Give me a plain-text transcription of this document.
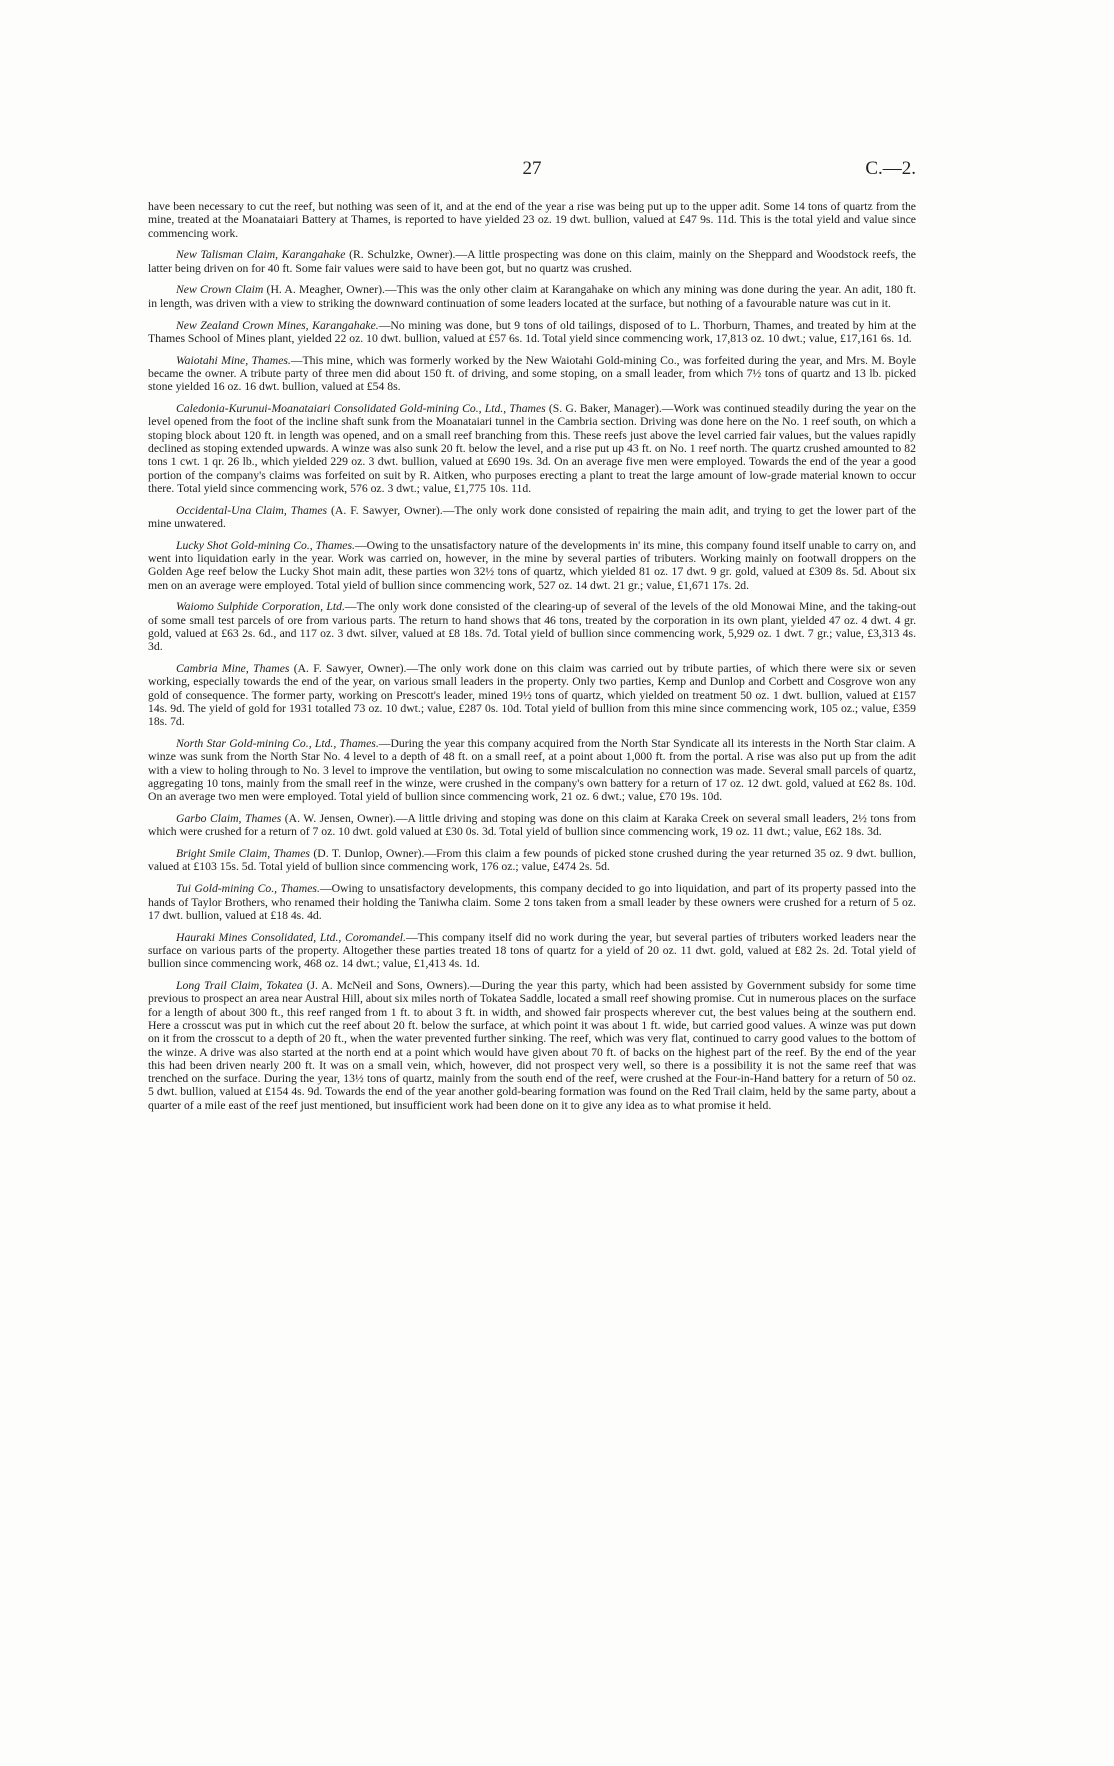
27	C.—2.

have been necessary to cut the reef, but nothing was seen of it, and at the end of the year a rise was being put up to the upper adit. Some 14 tons of quartz from the mine, treated at the Moanataiari Battery at Thames, is reported to have yielded 23 oz. 19 dwt. bullion, valued at £47 9s. 11d. This is the total yield and value since commencing work.

New Talisman Claim, Karangahake (R. Schulzke, Owner).—A little prospecting was done on this claim, mainly on the Sheppard and Woodstock reefs, the latter being driven on for 40 ft. Some fair values were said to have been got, but no quartz was crushed.

New Crown Claim (H. A. Meagher, Owner).—This was the only other claim at Karangahake on which any mining was done during the year. An adit, 180 ft. in length, was driven with a view to striking the downward continuation of some leaders located at the surface, but nothing of a favourable nature was cut in it.

New Zealand Crown Mines, Karangahake.—No mining was done, but 9 tons of old tailings, disposed of to L. Thorburn, Thames, and treated by him at the Thames School of Mines plant, yielded 22 oz. 10 dwt. bullion, valued at £57 6s. 1d. Total yield since commencing work, 17,813 oz. 10 dwt.; value, £17,161 6s. 1d.

Waiotahi Mine, Thames.—This mine, which was formerly worked by the New Waiotahi Gold-mining Co., was forfeited during the year, and Mrs. M. Boyle became the owner. A tribute party of three men did about 150 ft. of driving, and some stoping, on a small leader, from which 7½ tons of quartz and 13 lb. picked stone yielded 16 oz. 16 dwt. bullion, valued at £54 8s.

Caledonia-Kurunui-Moanataiari Consolidated Gold-mining Co., Ltd., Thames (S. G. Baker, Manager).—Work was continued steadily during the year on the level opened from the foot of the incline shaft sunk from the Moanataiari tunnel in the Cambria section. Driving was done here on the No. 1 reef south, on which a stoping block about 120 ft. in length was opened, and on a small reef branching from this. These reefs just above the level carried fair values, but the values rapidly declined as stoping extended upwards. A winze was also sunk 20 ft. below the level, and a rise put up 43 ft. on No. 1 reef north. The quartz crushed amounted to 82 tons 1 cwt. 1 qr. 26 lb., which yielded 229 oz. 3 dwt. bullion, valued at £690 19s. 3d. On an average five men were employed. Towards the end of the year a good portion of the company's claims was forfeited on suit by R. Aitken, who purposes erecting a plant to treat the large amount of low-grade material known to occur there. Total yield since commencing work, 576 oz. 3 dwt.; value, £1,775 10s. 11d.

Occidental-Una Claim, Thames (A. F. Sawyer, Owner).—The only work done consisted of repairing the main adit, and trying to get the lower part of the mine unwatered.

Lucky Shot Gold-mining Co., Thames.—Owing to the unsatisfactory nature of the developments in' its mine, this company found itself unable to carry on, and went into liquidation early in the year. Work was carried on, however, in the mine by several parties of tributers. Working mainly on footwall droppers on the Golden Age reef below the Lucky Shot main adit, these parties won 32½ tons of quartz, which yielded 81 oz. 17 dwt. 9 gr. gold, valued at £309 8s. 5d. About six men on an average were employed. Total yield of bullion since commencing work, 527 oz. 14 dwt. 21 gr.; value, £1,671 17s. 2d.

Waiomo Sulphide Corporation, Ltd.—The only work done consisted of the clearing-up of several of the levels of the old Monowai Mine, and the taking-out of some small test parcels of ore from various parts. The return to hand shows that 46 tons, treated by the corporation in its own plant, yielded 47 oz. 4 dwt. 4 gr. gold, valued at £63 2s. 6d., and 117 oz. 3 dwt. silver, valued at £8 18s. 7d. Total yield of bullion since commencing work, 5,929 oz. 1 dwt. 7 gr.; value, £3,313 4s. 3d.

Cambria Mine, Thames (A. F. Sawyer, Owner).—The only work done on this claim was carried out by tribute parties, of which there were six or seven working, especially towards the end of the year, on various small leaders in the property. Only two parties, Kemp and Dunlop and Corbett and Cosgrove won any gold of consequence. The former party, working on Prescott's leader, mined 19½ tons of quartz, which yielded on treatment 50 oz. 1 dwt. bullion, valued at £157 14s. 9d. The yield of gold for 1931 totalled 73 oz. 10 dwt.; value, £287 0s. 10d. Total yield of bullion from this mine since commencing work, 105 oz.; value, £359 18s. 7d.

North Star Gold-mining Co., Ltd., Thames.—During the year this company acquired from the North Star Syndicate all its interests in the North Star claim. A winze was sunk from the North Star No. 4 level to a depth of 48 ft. on a small reef, at a point about 1,000 ft. from the portal. A rise was also put up from the adit with a view to holing through to No. 3 level to improve the ventilation, but owing to some miscalculation no connection was made. Several small parcels of quartz, aggregating 10 tons, mainly from the small reef in the winze, were crushed in the company's own battery for a return of 17 oz. 12 dwt. gold, valued at £62 8s. 10d. On an average two men were employed. Total yield of bullion since commencing work, 21 oz. 6 dwt.; value, £70 19s. 10d.

Garbo Claim, Thames (A. W. Jensen, Owner).—A little driving and stoping was done on this claim at Karaka Creek on several small leaders, 2½ tons from which were crushed for a return of 7 oz. 10 dwt. gold valued at £30 0s. 3d. Total yield of bullion since commencing work, 19 oz. 11 dwt.; value, £62 18s. 3d.

Bright Smile Claim, Thames (D. T. Dunlop, Owner).—From this claim a few pounds of picked stone crushed during the year returned 35 oz. 9 dwt. bullion, valued at £103 15s. 5d. Total yield of bullion since commencing work, 176 oz.; value, £474 2s. 5d.

Tui Gold-mining Co., Thames.—Owing to unsatisfactory developments, this company decided to go into liquidation, and part of its property passed into the hands of Taylor Brothers, who renamed their holding the Taniwha claim. Some 2 tons taken from a small leader by these owners were crushed for a return of 5 oz. 17 dwt. bullion, valued at £18 4s. 4d.

Hauraki Mines Consolidated, Ltd., Coromandel.—This company itself did no work during the year, but several parties of tributers worked leaders near the surface on various parts of the property. Altogether these parties treated 18 tons of quartz for a yield of 20 oz. 11 dwt. gold, valued at £82 2s. 2d. Total yield of bullion since commencing work, 468 oz. 14 dwt.; value, £1,413 4s. 1d.

Long Trail Claim, Tokatea (J. A. McNeil and Sons, Owners).—During the year this party, which had been assisted by Government subsidy for some time previous to prospect an area near Austral Hill, about six miles north of Tokatea Saddle, located a small reef showing promise. Cut in numerous places on the surface for a length of about 300 ft., this reef ranged from 1 ft. to about 3 ft. in width, and showed fair prospects wherever cut, the best values being at the southern end. Here a crosscut was put in which cut the reef about 20 ft. below the surface, at which point it was about 1 ft. wide, but carried good values. A winze was put down on it from the crosscut to a depth of 20 ft., when the water prevented further sinking. The reef, which was very flat, continued to carry good values to the bottom of the winze. A drive was also started at the north end at a point which would have given about 70 ft. of backs on the highest part of the reef. By the end of the year this had been driven nearly 200 ft. It was on a small vein, which, however, did not prospect very well, so there is a possibility it is not the same reef that was trenched on the surface. During the year, 13½ tons of quartz, mainly from the south end of the reef, were crushed at the Four-in-Hand battery for a return of 50 oz. 5 dwt. bullion, valued at £154 4s. 9d. Towards the end of the year another gold-bearing formation was found on the Red Trail claim, held by the same party, about a quarter of a mile east of the reef just mentioned, but insufficient work had been done on it to give any idea as to what promise it held.
